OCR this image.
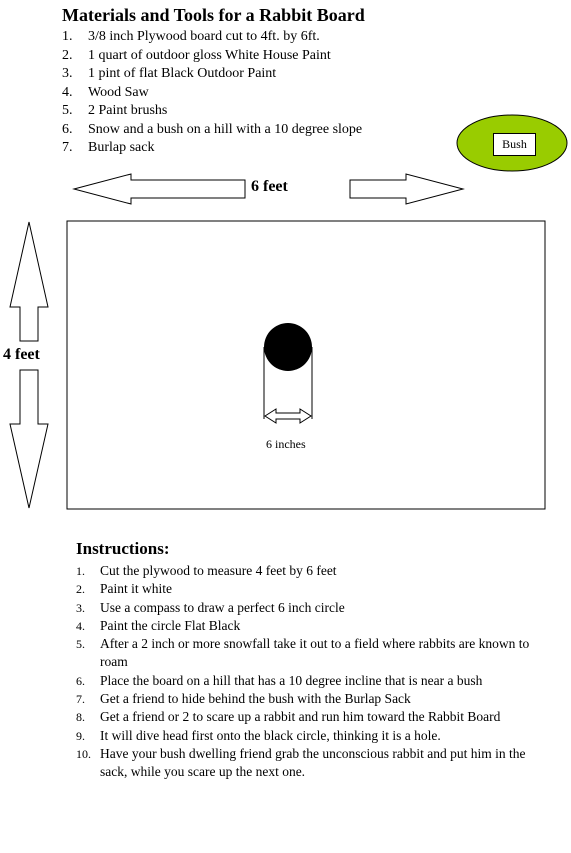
Materials and Tools for a Rabbit Board
1. 3/8 inch Plywood board cut to 4ft. by 6ft.
2. 1 quart of outdoor gloss White House Paint
3. 1 pint of flat Black Outdoor Paint
4. Wood Saw
5. 2 Paint brushs
6. Snow and a bush on a hill with a 10 degree slope
7. Burlap sack	Bush
6 feet
4 feet
6 inches
Instructions:
1.	Cut the plywood to measure 4 feet by 6 feet
2.	Paint it white
3.	Use a compass to draw a perfect 6 inch circle
4.	Paint the circle Flat Black
5.	After a 2 inch or more snowfall take it out to a field where rabbits are known to roam
6.	Place the board on a hill that has a 10 degree incline that is near a bush
7.	Get a friend to hide behind the bush with the Burlap Sack
8.	Get a friend or 2 to scare up a rabbit and run him toward the Rabbit Board
9.	It will dive head first onto the black circle, thinking it is a hole.
10. Have your bush dwelling friend grab the unconscious rabbit and put him in the sack, while you scare up the next one.
